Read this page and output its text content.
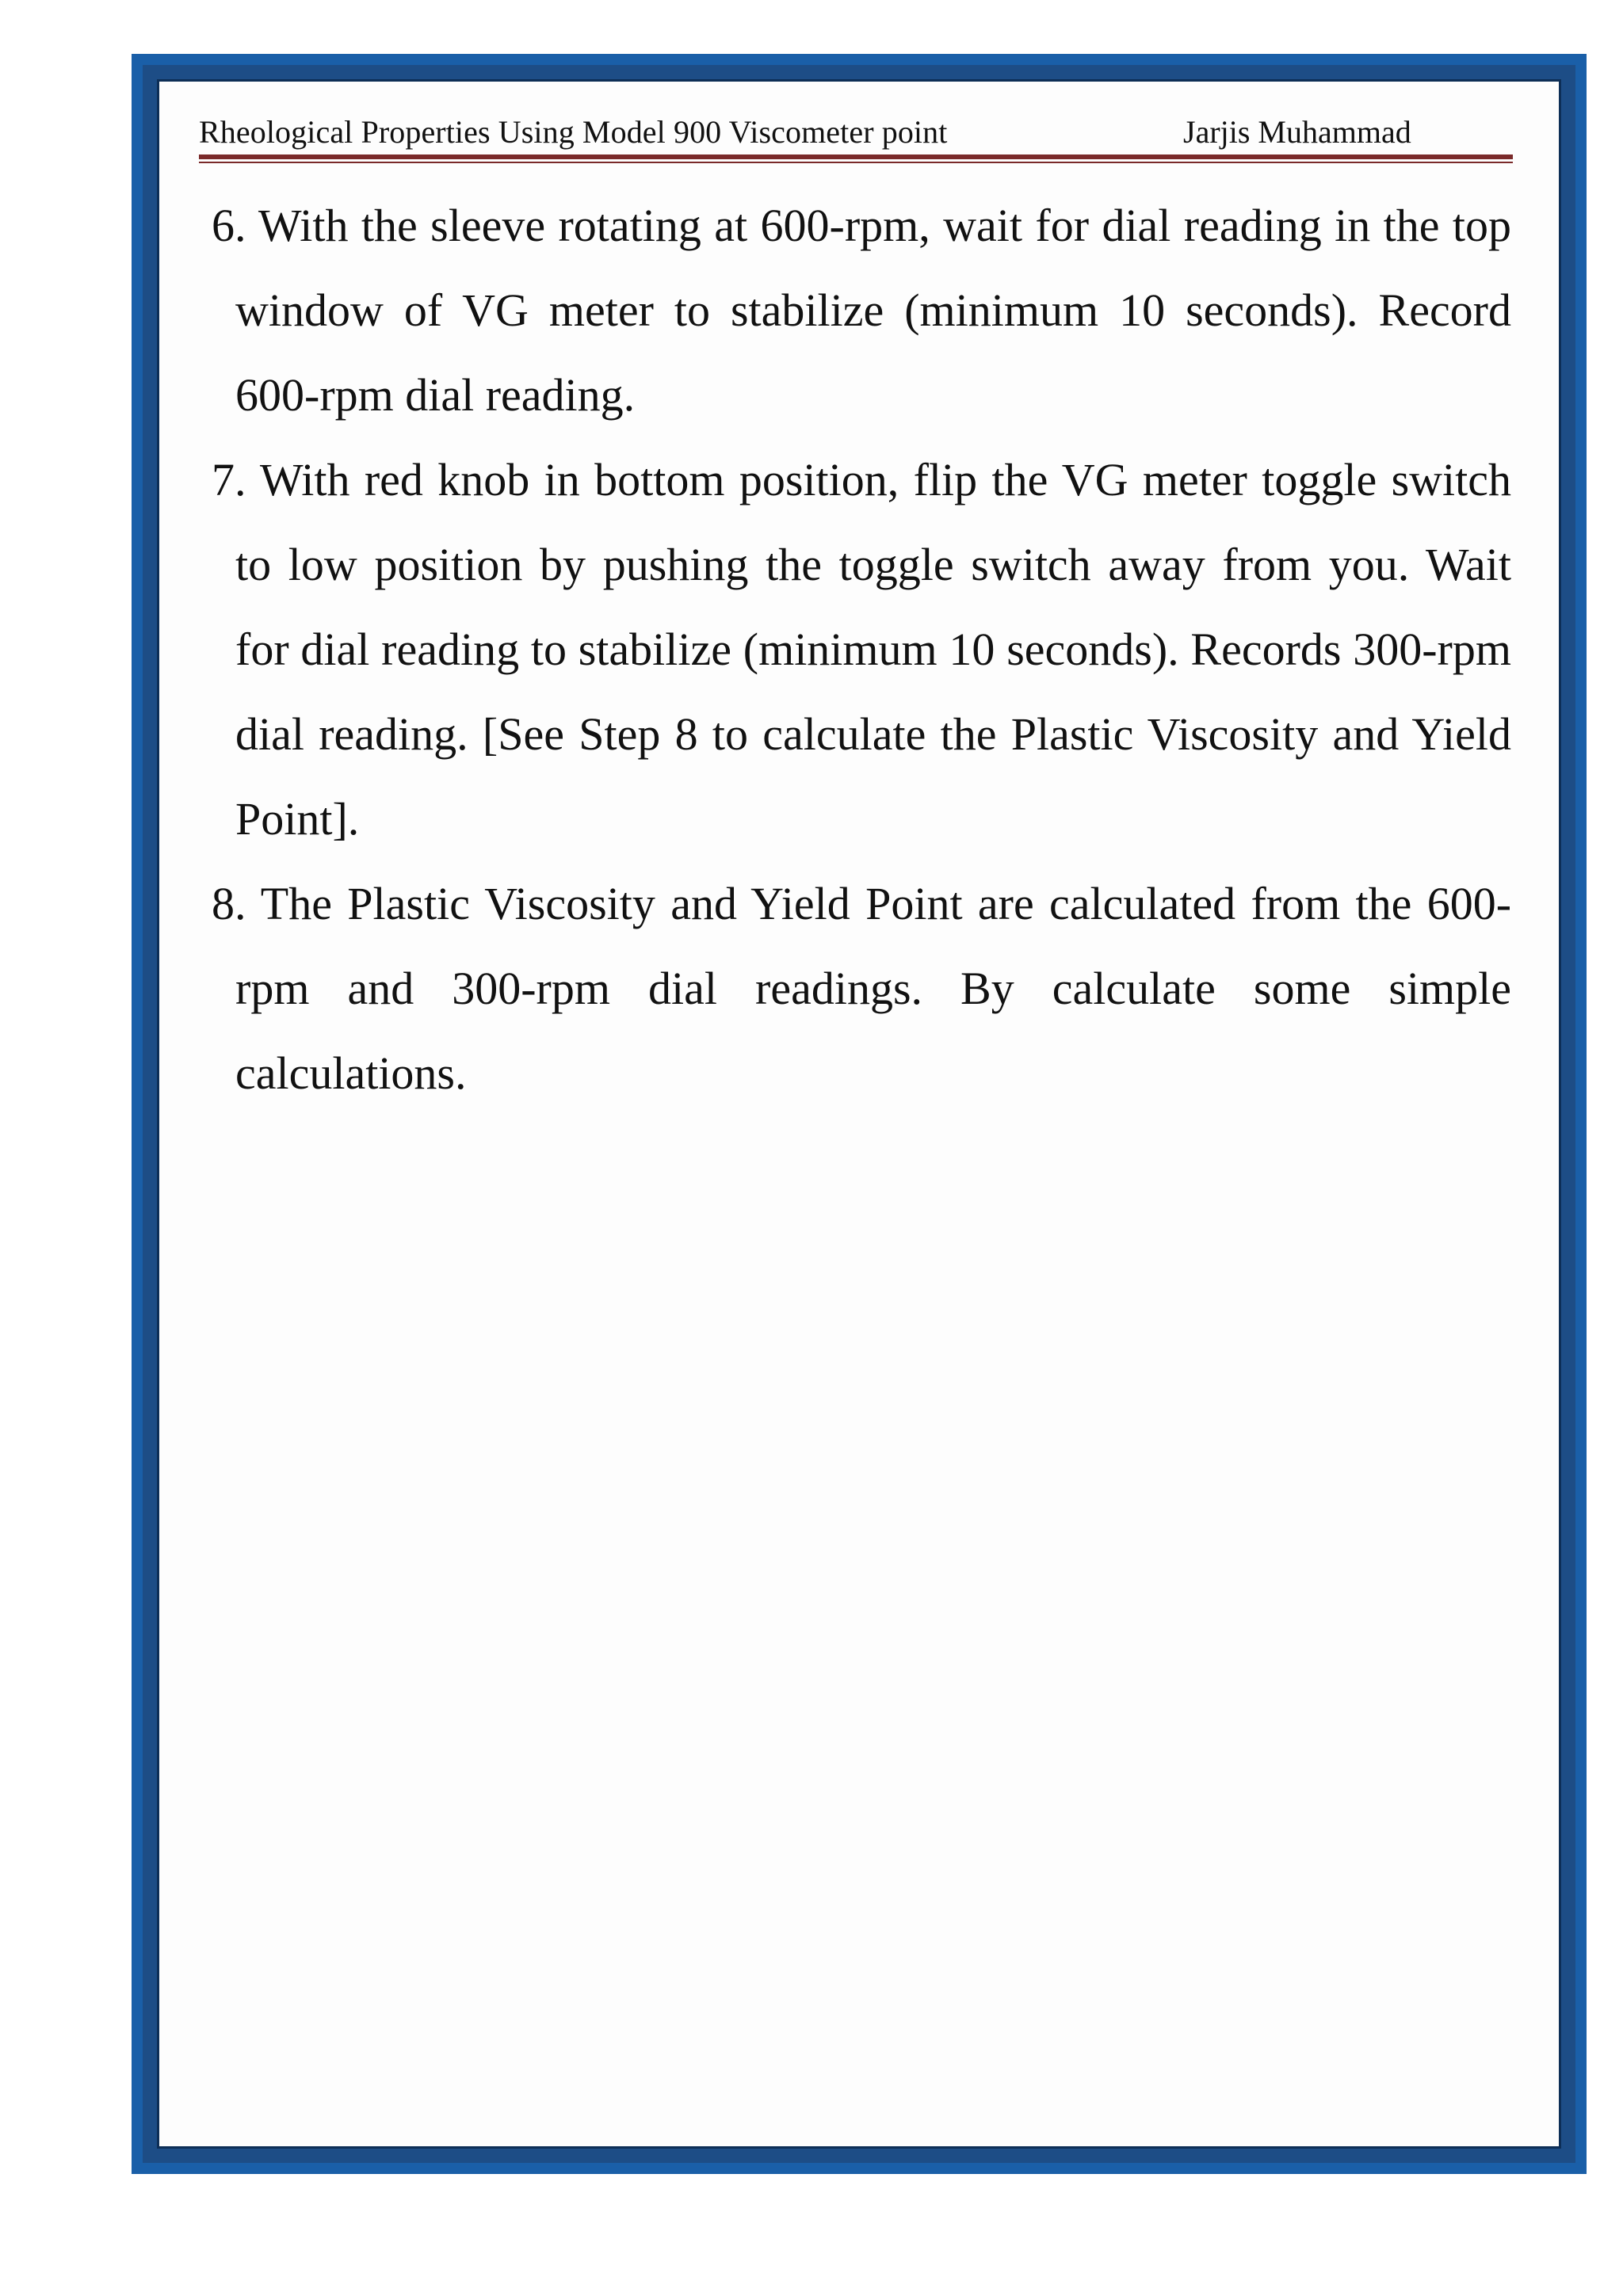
Rheological Properties Using Model 900 Viscometer point	Jarjis Muhammad
6. With the sleeve rotating at 600-rpm, wait for dial reading in the top window of VG meter to stabilize (minimum 10 seconds). Record 600-rpm dial reading.
7. With red knob in bottom position, flip the VG meter toggle switch to low position by pushing the toggle switch away from you. Wait for dial reading to stabilize (minimum 10 seconds). Records 300-rpm dial reading. [See Step 8 to calculate the Plastic Viscosity and Yield Point].
8. The Plastic Viscosity and Yield Point are calculated from the 600-rpm and 300-rpm dial readings. By calculate some simple calculations.
